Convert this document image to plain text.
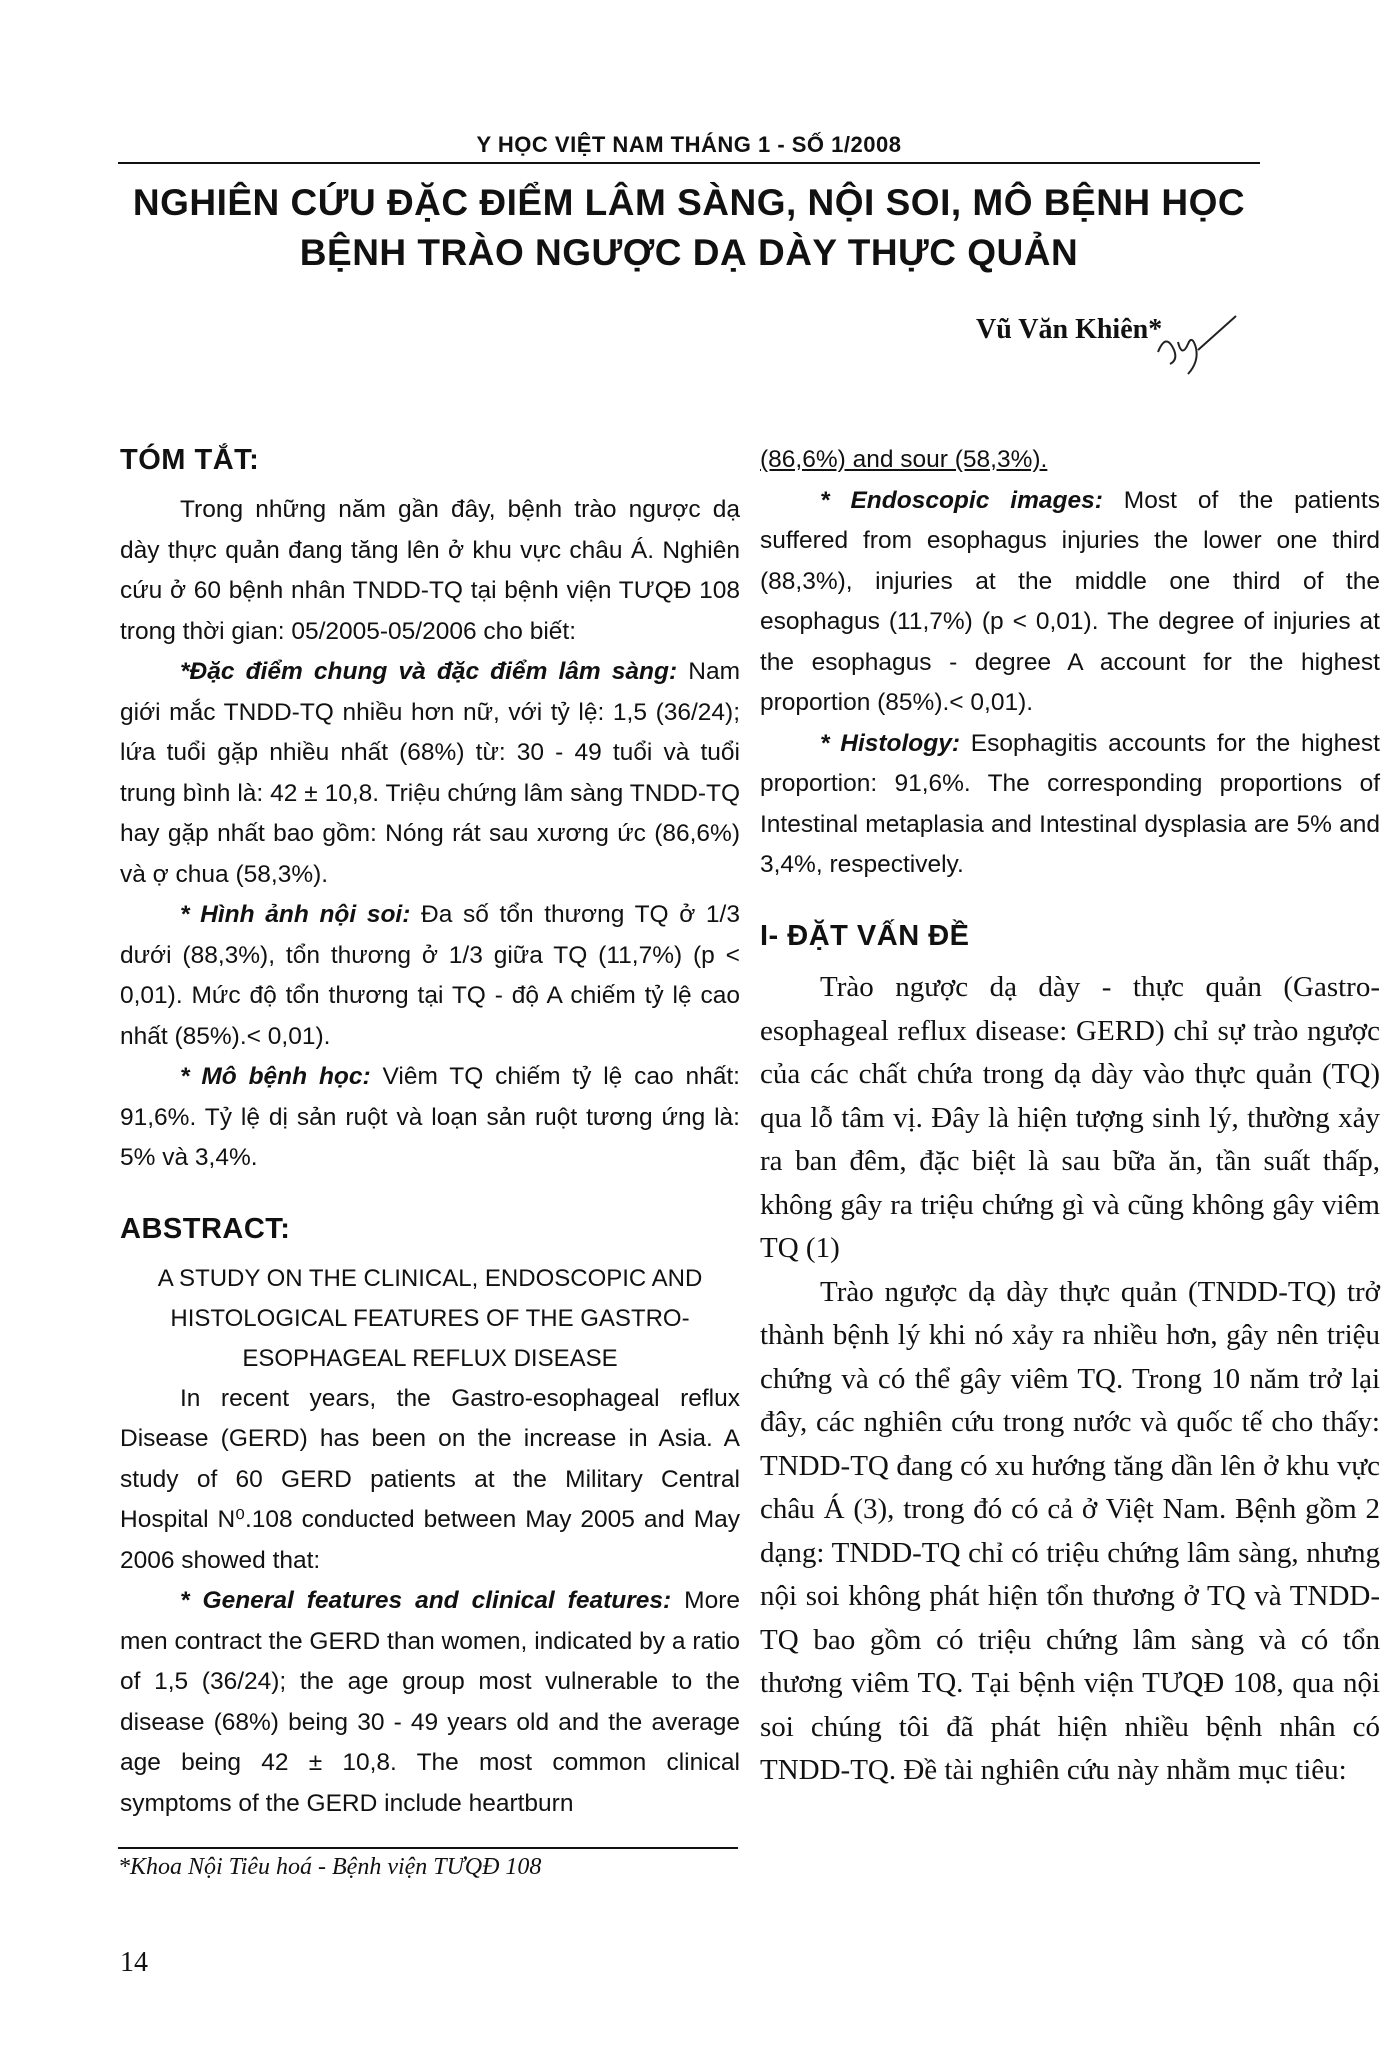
Y HỌC VIỆT NAM THÁNG 1 - SỐ 1/2008
NGHIÊN CỨU ĐẶC ĐIỂM LÂM SÀNG, NỘI SOI, MÔ BỆNH HỌC
BỆNH TRÀO NGƯỢC DẠ DÀY THỰC QUẢN
Vũ Văn Khiên*
TÓM TẮT:

Trong những năm gần đây, bệnh trào ngược dạ dày thực quản đang tăng lên ở khu vực châu Á. Nghiên cứu ở 60 bệnh nhân TNDD-TQ tại bệnh viện TƯQĐ 108 trong thời gian: 05/2005-05/2006 cho biết:

*Đặc điểm chung và đặc điểm lâm sàng: Nam giới mắc TNDD-TQ nhiều hơn nữ, với tỷ lệ: 1,5 (36/24); lứa tuổi gặp nhiều nhất (68%) từ: 30 - 49 tuổi và tuổi trung bình là: 42 ± 10,8. Triệu chứng lâm sàng TNDD-TQ hay gặp nhất bao gồm: Nóng rát sau xương ức (86,6%) và ợ chua (58,3%).

* Hình ảnh nội soi: Đa số tổn thương TQ ở 1/3 dưới (88,3%), tổn thương ở 1/3 giữa TQ (11,7%) (p < 0,01). Mức độ tổn thương tại TQ - độ A chiếm tỷ lệ cao nhất (85%).< 0,01).

* Mô bệnh học: Viêm TQ chiếm tỷ lệ cao nhất: 91,6%. Tỷ lệ dị sản ruột và loạn sản ruột tương ứng là: 5% và 3,4%.

ABSTRACT:

A STUDY ON THE CLINICAL, ENDOSCOPIC AND

HISTOLOGICAL FEATURES OF THE GASTRO-

ESOPHAGEAL REFLUX DISEASE

In recent years, the Gastro-esophageal reflux Disease (GERD) has been on the increase in Asia. A study of 60 GERD patients at the Military Central Hospital N⁰.108 conducted between May 2005 and May 2006 showed that:

* General features and clinical features: More men contract the GERD than women, indicated by a ratio of 1,5 (36/24); the age group most vulnerable to the disease (68%) being 30 - 49 years old and the average age being 42 ± 10,8. The most common clinical symptoms of the GERD include heartburn

(86,6%) and sour (58,3%).

* Endoscopic images: Most of the patients suffered from esophagus injuries the lower one third (88,3%), injuries at the middle one third of the esophagus (11,7%) (p < 0,01). The degree of injuries at the esophagus - degree A account for the highest proportion (85%).< 0,01).

* Histology: Esophagitis accounts for the highest proportion: 91,6%. The corresponding proportions of Intestinal metaplasia and Intestinal dysplasia are 5% and 3,4%, respectively.

I- ĐẶT VẤN ĐỀ

Trào ngược dạ dày - thực quản (Gastro-esophageal reflux disease: GERD) chỉ sự trào ngược của các chất chứa trong dạ dày vào thực quản (TQ) qua lỗ tâm vị. Đây là hiện tượng sinh lý, thường xảy ra ban đêm, đặc biệt là sau bữa ăn, tần suất thấp, không gây ra triệu chứng gì và cũng không gây viêm TQ (1)

Trào ngược dạ dày thực quản (TNDD-TQ) trở thành bệnh lý khi nó xảy ra nhiều hơn, gây nên triệu chứng và có thể gây viêm TQ. Trong 10 năm trở lại đây, các nghiên cứu trong nước và quốc tế cho thấy: TNDD-TQ đang có xu hướng tăng dần lên ở khu vực châu Á (3), trong đó có cả ở Việt Nam. Bệnh gồm 2 dạng: TNDD-TQ chỉ có triệu chứng lâm sàng, nhưng nội soi không phát hiện tổn thương ở TQ và TNDD-TQ bao gồm có triệu chứng lâm sàng và có tổn thương viêm TQ. Tại bệnh viện TƯQĐ 108, qua nội soi chúng tôi đã phát hiện nhiều bệnh nhân có TNDD-TQ. Đề tài nghiên cứu này nhằm mục tiêu:

*Khoa Nội Tiêu hoá - Bệnh viện TƯQĐ 108
14
